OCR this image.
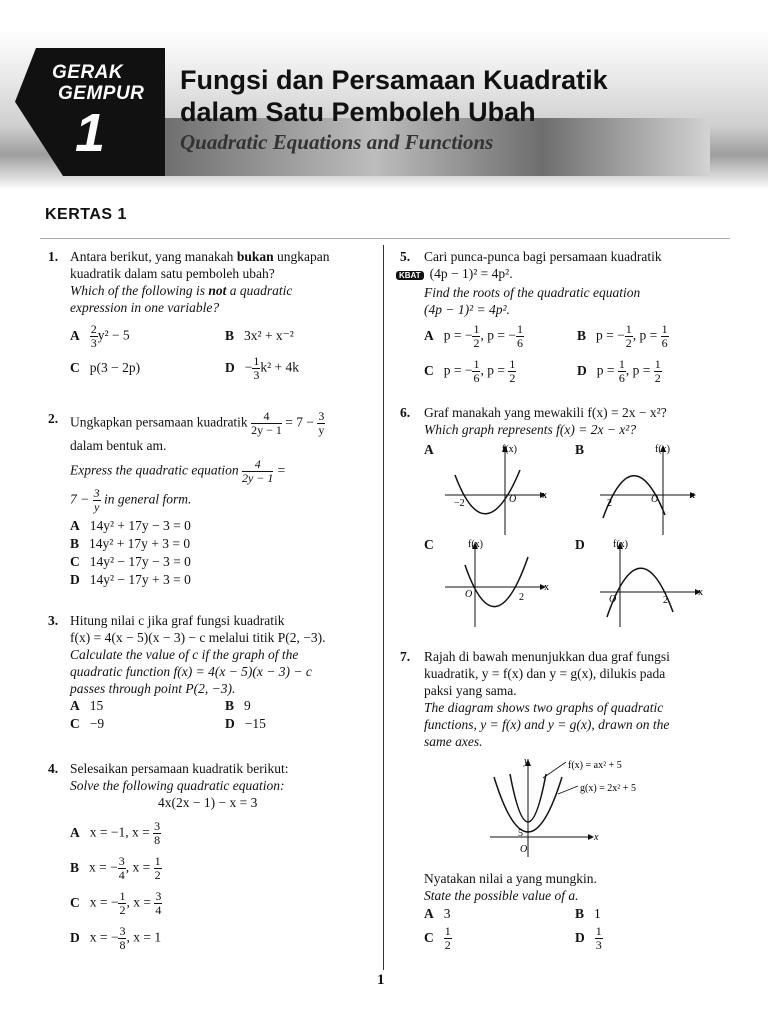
GERAK
GEMPUR
1
Fungsi dan Persamaan Kuadratik
dalam Satu Pemboleh Ubah
Quadratic Equations and Functions
KERTAS 1
1. Antara berikut, yang manakah bukan ungkapan
kuadratik dalam satu pemboleh ubah?
Which of the following is not a quadratic
expression in one variable?
A $\frac{2}{3} y^2 - 5$	B 3x² + x⁻²
C p(3 − 2p)	$D - \frac{1}{3} k^2 + 4k$
2. Ungkapkan persamaan kuadratik $\frac{4}{2y - 1} = 7 - \frac{3}{y}$
dalam bentuk am.
Express the quadratic equation $\frac{4}{2y - 1}$ =
$7 - \frac{3}{y}$ in general form.
A 14y² + 17y − 3 = 0
B 14y² + 17y + 3 = 0
C 14y² − 17y − 3 = 0
D 14y² − 17y + 3 = 0
3. Hitung nilai c jika graf fungsi kuadratik
f(x) = 4(x − 5)(x − 3) − c melalui titik P(2, −3).
Calculate the value of c if the graph of the
quadratic function f(x) = 4(x − 5)(x − 3) − c
passes through point P(2, −3).
A 15	B 9
C −9	D −15
4. Selesaikan persamaan kuadratik berikut:
Solve the following quadratic equation:
4x(2x − 1) − x = 3
A x = −1, $x = \frac{3}{8}$
B x = − $\frac{3}{4}$ , $x = \frac{1}{2}$
C x = − $\frac{1}{2}$ , $x = \frac{3}{4}$
D x = − $\frac{3}{8}$ , x = 1
5. Cari punca-punca bagi persamaan kuadratik
KBAT (4p − 1)² = 4p².
Find the roots of the quadratic equation
(4p − 1)² = 4p².
A p = − $\frac{1}{2}$ , p = − $\frac{1}{6}$	B p = − $\frac{1}{2}$ , $p = \frac{1}{6}$
C p = − $\frac{1}{6}$ , $p = \frac{1}{2}$	D $p = \frac{1}{6}$ , $p = \frac{1}{2}$
6. Graf manakah yang mewakili f(x) = 2x − x²?
Which graph represents f(x) = 2x − x²?
A	f(x)
−2	O	x
B	f(x)
2	O	x
C	f(x)
O	2
x
D	f(x)
O	2
x
7. Rajah di bawah menunjukkan dua graf fungsi
kuadratik, y = f(x) dan y = g(x), dilukis pada
paksi yang sama.
The diagram shows two graphs of quadratic
functions, y = f(x) and y = g(x), drawn on the
same axes.
y
5
O
x
f(x) = ax² + 5
g(x) = 2x² + 5
Nyatakan nilai a yang mungkin.
State the possible value of a.
A 3	B 1
C $\frac{1}{2}$	D $\frac{1}{3}$
1
